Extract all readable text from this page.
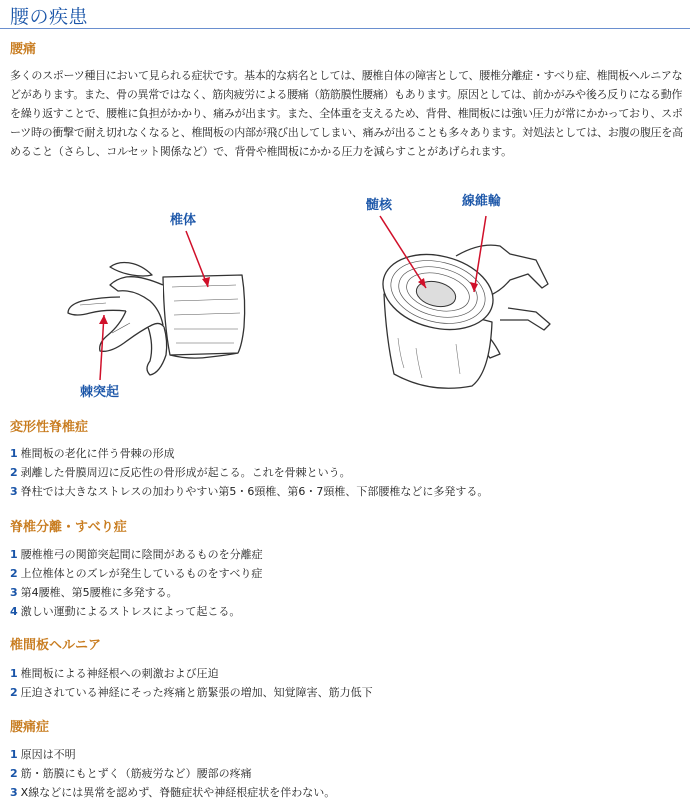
腰の疾患
腰痛

多くのスポーツ種目において見られる症状です。基本的な病名としては、腰椎自体の障害として、腰椎分離症・すべり症、椎間板ヘルニアなどがあります。また、骨の異常ではなく、筋肉疲労による腰痛（筋筋膜性腰痛）もあります。原因としては、前かがみや後ろ反りになる動作を繰り返すことで、腰椎に負担がかかり、痛みが出ます。また、全体重を支えるため、背骨、椎間板には強い圧力が常にかかっており、スポーツ時の衝撃で耐え切れなくなると、椎間板の内部が飛び出してしまい、痛みが出ることも多々あります。対処法としては、お腹の腹圧を高めること（さらし、コルセット関係など）で、背骨や椎間板にかかる圧力を減らすことがあげられます。

椎体
棘突起
髄核	線維輪
変形性脊椎症
1 椎間板の老化に伴う骨棘の形成
2 剥離した骨膜周辺に反応性の骨形成が起こる。これを骨棘という。
3 脊柱では大きなストレスの加わりやすい第5・6頸椎、第6・7頸椎、下部腰椎などに多発する。
脊椎分離・すべり症
1 腰椎椎弓の関節突起間に陰間があるものを分離症
2 上位椎体とのズレが発生しているものをすべり症
3 第4腰椎、第5腰椎に多発する。
4 激しい運動によるストレスによって起こる。
椎間板ヘルニア
1 椎間板による神経根への刺激および圧迫
2 圧迫されている神経にそった疼痛と筋緊張の増加、知覚障害、筋力低下
腰痛症
1 原因は不明
2 筋・筋膜にもとずく（筋疲労など）腰部の疼痛
3 X線などには異常を認めず、脊髄症状や神経根症状を伴わない。
